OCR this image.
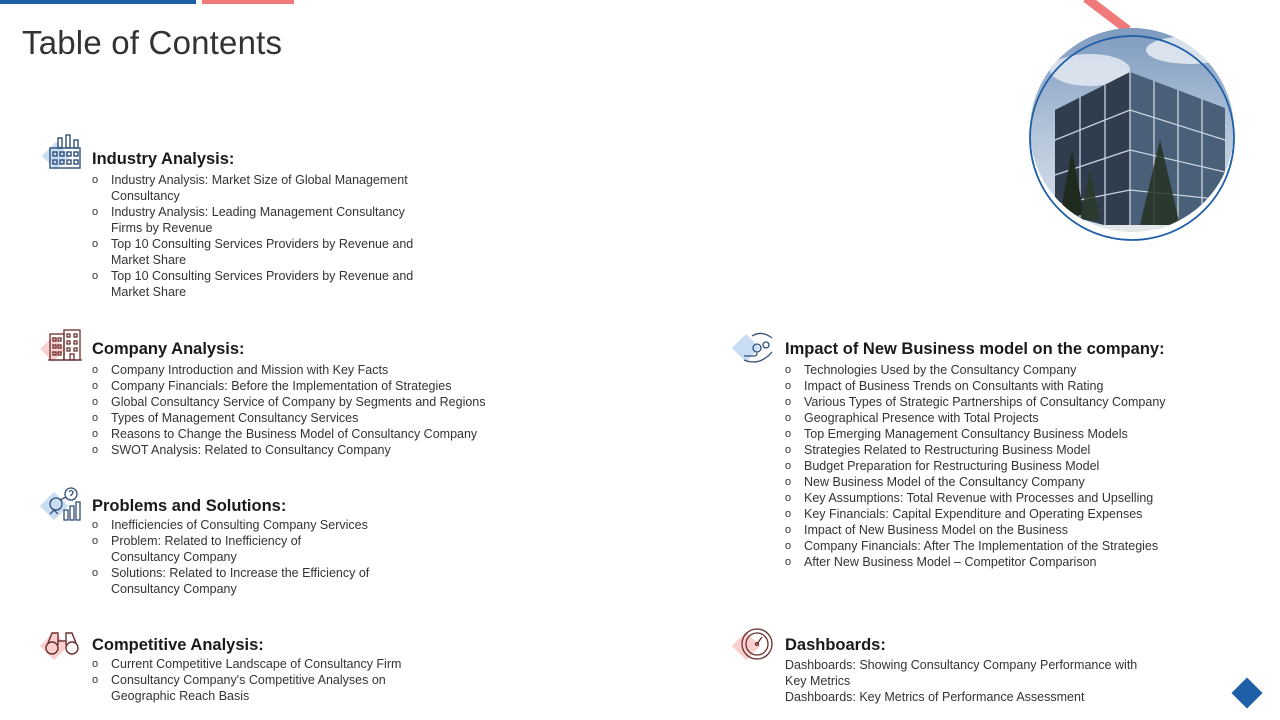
Table of Contents
Industry Analysis:
o Industry Analysis: Market Size of Global Management
Consultancy
o Industry Analysis: Leading Management Consultancy
Firms by Revenue
o Top 10 Consulting Services Providers by Revenue and
Market Share
o Top 10 Consulting Services Providers by Revenue and
Market Share
Company Analysis:
o Company Introduction and Mission with Key Facts
o Company Financials: Before the Implementation of Strategies
o Global Consultancy Service of Company by Segments and Regions
o Types of Management Consultancy Services
o Reasons to Change the Business Model of Consultancy Company
o SWOT Analysis: Related to Consultancy Company
Problems and Solutions:
o Inefficiencies of Consulting Company Services
o Problem: Related to Inefficiency of
Consultancy Company
o Solutions: Related to Increase the Efficiency of
Consultancy Company
Competitive Analysis:
o Current Competitive Landscape of Consultancy Firm
o Consultancy Company's Competitive Analyses on
Geographic Reach Basis
Impact of New Business model on the company:
o Technologies Used by the Consultancy Company
o Impact of Business Trends on Consultants with Rating
o Various Types of Strategic Partnerships of Consultancy Company
o Geographical Presence with Total Projects
o Top Emerging Management Consultancy Business Models
o Strategies Related to Restructuring Business Model
o Budget Preparation for Restructuring Business Model
o New Business Model of the Consultancy Company
o Key Assumptions: Total Revenue with Processes and Upselling
o Key Financials: Capital Expenditure and Operating Expenses
o Impact of New Business Model on the Business
o Company Financials: After The Implementation of the Strategies
o After New Business Model – Competitor Comparison
Dashboards:
Dashboards: Showing Consultancy Company Performance with
Key Metrics
Dashboards: Key Metrics of Performance Assessment
